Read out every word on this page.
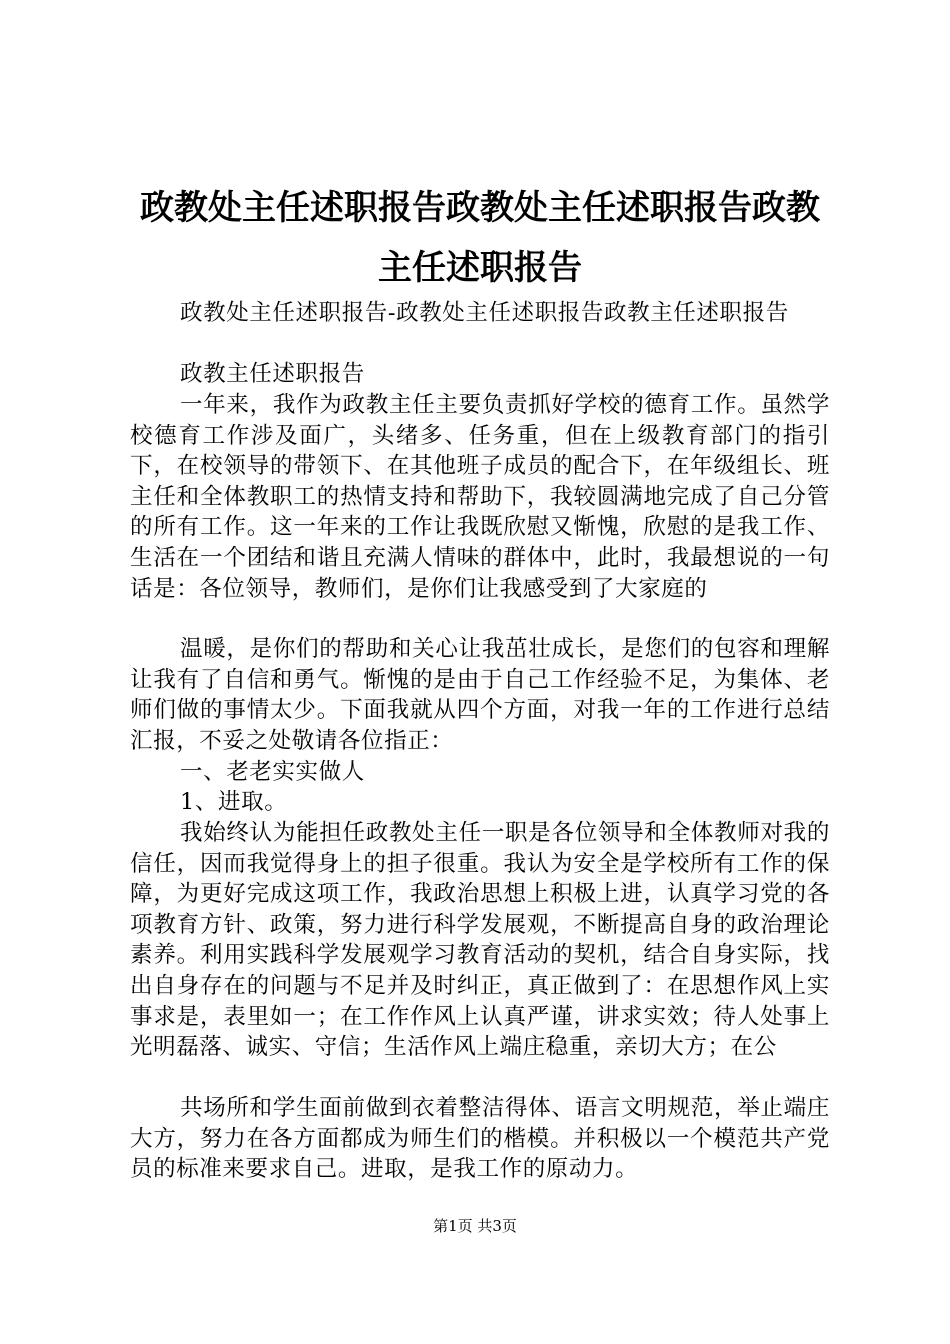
政教处主任述职报告政教处主任述职报告政教
主任述职报告

政教处主任述职报告-政教处主任述职报告政教主任述职报告

政教主任述职报告

一年来，我作为政教主任主要负责抓好学校的德育工作。虽然学校德育工作涉及面广，头绪多、任务重，但在上级教育部门的指引下，在校领导的带领下、在其他班子成员的配合下，在年级组长、班主任和全体教职工的热情支持和帮助下，我较圆满地完成了自己分管的所有工作。这一年来的工作让我既欣慰又惭愧，欣慰的是我工作、生活在一个团结和谐且充满人情味的群体中，此时，我最想说的一句话是：各位领导，教师们，是你们让我感受到了大家庭的

温暖，是你们的帮助和关心让我茁壮成长，是您们的包容和理解让我有了自信和勇气。惭愧的是由于自己工作经验不足，为集体、老师们做的事情太少。下面我就从四个方面，对我一年的工作进行总结汇报，不妥之处敬请各位指正：

一、老老实实做人

1、进取。

我始终认为能担任政教处主任一职是各位领导和全体教师对我的信任，因而我觉得身上的担子很重。我认为安全是学校所有工作的保障，为更好完成这项工作，我政治思想上积极上进，认真学习党的各项教育方针、政策，努力进行科学发展观，不断提高自身的政治理论素养。利用实践科学发展观学习教育活动的契机，结合自身实际，找出自身存在的问题与不足并及时纠正，真正做到了：在思想作风上实事求是，表里如一；在工作作风上认真严谨，讲求实效；待人处事上光明磊落、诚实、守信；生活作风上端庄稳重，亲切大方；在公

共场所和学生面前做到衣着整洁得体、语言文明规范，举止端庄大方，努力在各方面都成为师生们的楷模。并积极以一个模范共产党员的标准来要求自己。进取，是我工作的原动力。

第1页 共3页
